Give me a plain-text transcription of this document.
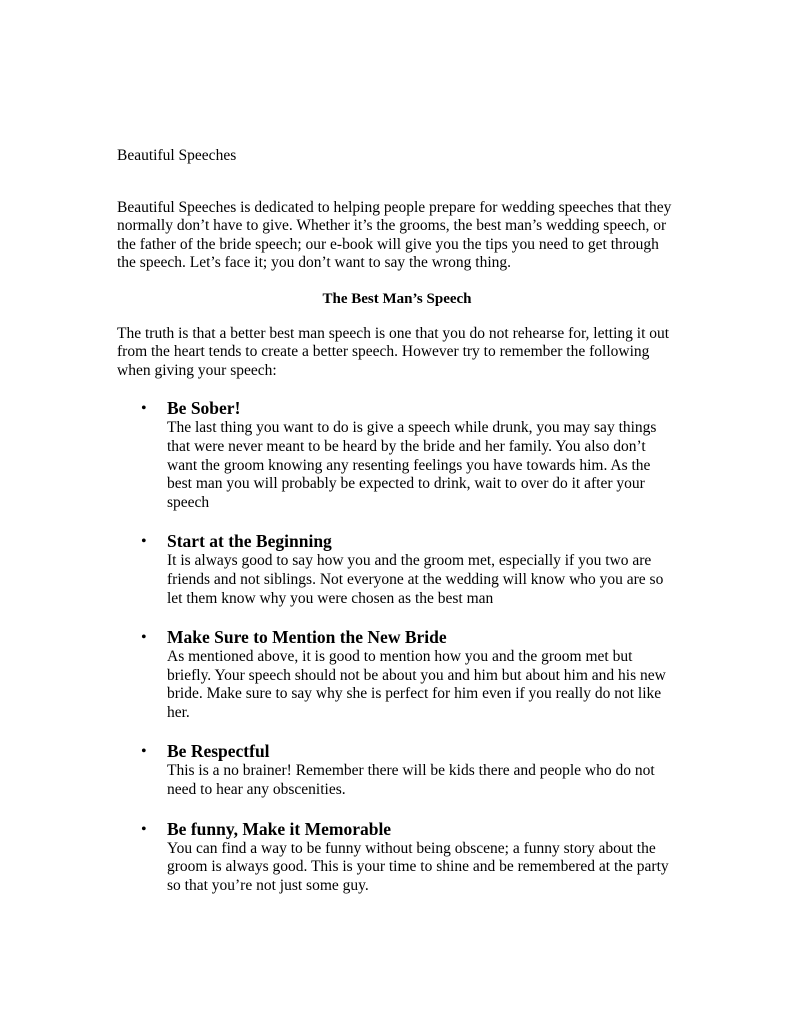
Beautiful Speeches

Beautiful Speeches is dedicated to helping people prepare for wedding speeches that they normally don’t have to give. Whether it’s the grooms, the best man’s wedding speech, or the father of the bride speech; our e-book will give you the tips you need to get through the speech. Let’s face it; you don’t want to say the wrong thing.

The Best Man’s Speech

The truth is that a better best man speech is one that you do not rehearse for, letting it out from the heart tends to create a better speech. However try to remember the following when giving your speech:

• Be Sober!
The last thing you want to do is give a speech while drunk, you may say things that were never meant to be heard by the bride and her family. You also don’t want the groom knowing any resenting feelings you have towards him. As the best man you will probably be expected to drink, wait to over do it after your speech
• Start at the Beginning
It is always good to say how you and the groom met, especially if you two are friends and not siblings. Not everyone at the wedding will know who you are so let them know why you were chosen as the best man
• Make Sure to Mention the New Bride
As mentioned above, it is good to mention how you and the groom met but briefly. Your speech should not be about you and him but about him and his new bride. Make sure to say why she is perfect for him even if you really do not like her.
• Be Respectful
This is a no brainer! Remember there will be kids there and people who do not need to hear any obscenities.
• Be funny, Make it Memorable
You can find a way to be funny without being obscene; a funny story about the groom is always good. This is your time to shine and be remembered at the party so that you’re not just some guy.
